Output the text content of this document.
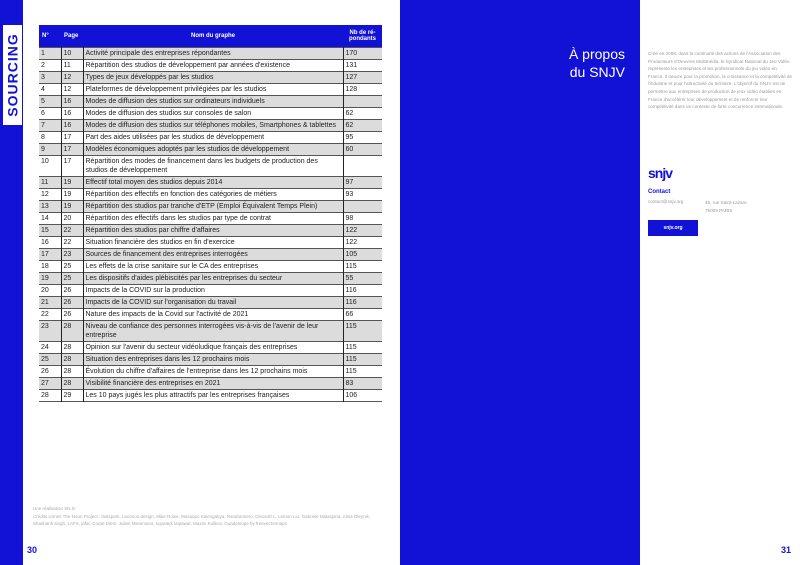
SOURCING	N°	Page	Nom du graphe	Nb de ré-pondants
1	10	Activité principale des entreprises répondantes	170
2	11	Répartition des studios de développement par années d'existence	131
3	12	Types de jeux développés par les studios	127
4	12	Plateformes de développement privilégiées par les studios	128
5	16	Modes de diffusion des studios sur ordinateurs individuels	
6	16	Modes de diffusion des studios sur consoles de salon	62
7	16	Modes de diffusion des studios sur téléphones mobiles, Smartphones & tablettes	62
8	17	Part des aides utilisées par les studios de développement	95
9	17	Modèles économiques adoptés par les studios de développement	60
10	17	Répartition des modes de financement dans les budgets de production des studios de développement	
11	19	Effectif total moyen des studios depuis 2014	97
12	19	Répartition des effectifs en fonction des catégories de métiers	93
13	19	Répartition des studios par tranche d'ETP (Emploi Équivalent Temps Plein)	
14	20	Répartition des effectifs dans les studios par type de contrat	98
15	22	Répartition des studios par chiffre d'affaires	122
16	22	Situation financière des studios en fin d'exercice	122
17	23	Sources de financement des entreprises interrogées	105
18	25	Les effets de la crise sanitaire sur le CA des entreprises	115
19	25	Les dispositifs d'aides plébiscités par les entreprises du secteur	55
20	26	Impacts de la COVID sur la production	116
21	26	Impacts de la COVID sur l'organisation du travail	116
22	26	Nature des impacts de la Covid sur l'activité de 2021	66
23	28	Niveau de confiance des personnes interrogées vis-à-vis de l'avenir de leur entreprise	115
24	28	Opinion sur l'avenir du secteur vidéoludique français des entreprises	115
25	28	Situation des entreprises dans les 12 prochains mois	115
26	28	Évolution du chiffre d'affaires de l'entreprise dans les 12 prochains mois	115
27	28	Visibilité financière des entreprises en 2021	83
28	29	Les 10 pays jugés les plus attractifs par les entreprises françaises	106
Une réalisation SN.hr
Crédits icônes The Noun Project : lastspark, Leonson.design, Mike Rowe, Musaupo Kaievgahya, Randomnero, Dinosoft L, Lemon Liu, Gabriele Malaspina, Alina Oleynik, Shashank singh, LAFS, jafar, Corpe Diem, Julien Mievimans, supalerk laipawat, Maxim Kulikov, Guadeloupe by freevectormaps
30	31
À propos
du SNJV
Créé en 2008, dans la continuité des actions de l'Association des Producteurs d'Oeuvres Multimédia, le Syndicat National du Jeu Vidéo représente les entreprises et les professionnels du jeu vidéo en France. Il oeuvre pour la promotion, la croissance et la compétitivité de l'industrie et pour l'attractivité du territoire. L'objectif du SNJV est de permettre aux entreprises de production de jeux vidéo établies en France d'accélérer leur développement et de renforcer leur compétitivité dans un contexte de forte concurrence internationale.
snjv
Contact
contact@snjv.org	46, rue Saint-Lazare
75009 PARIS
snjv.org
